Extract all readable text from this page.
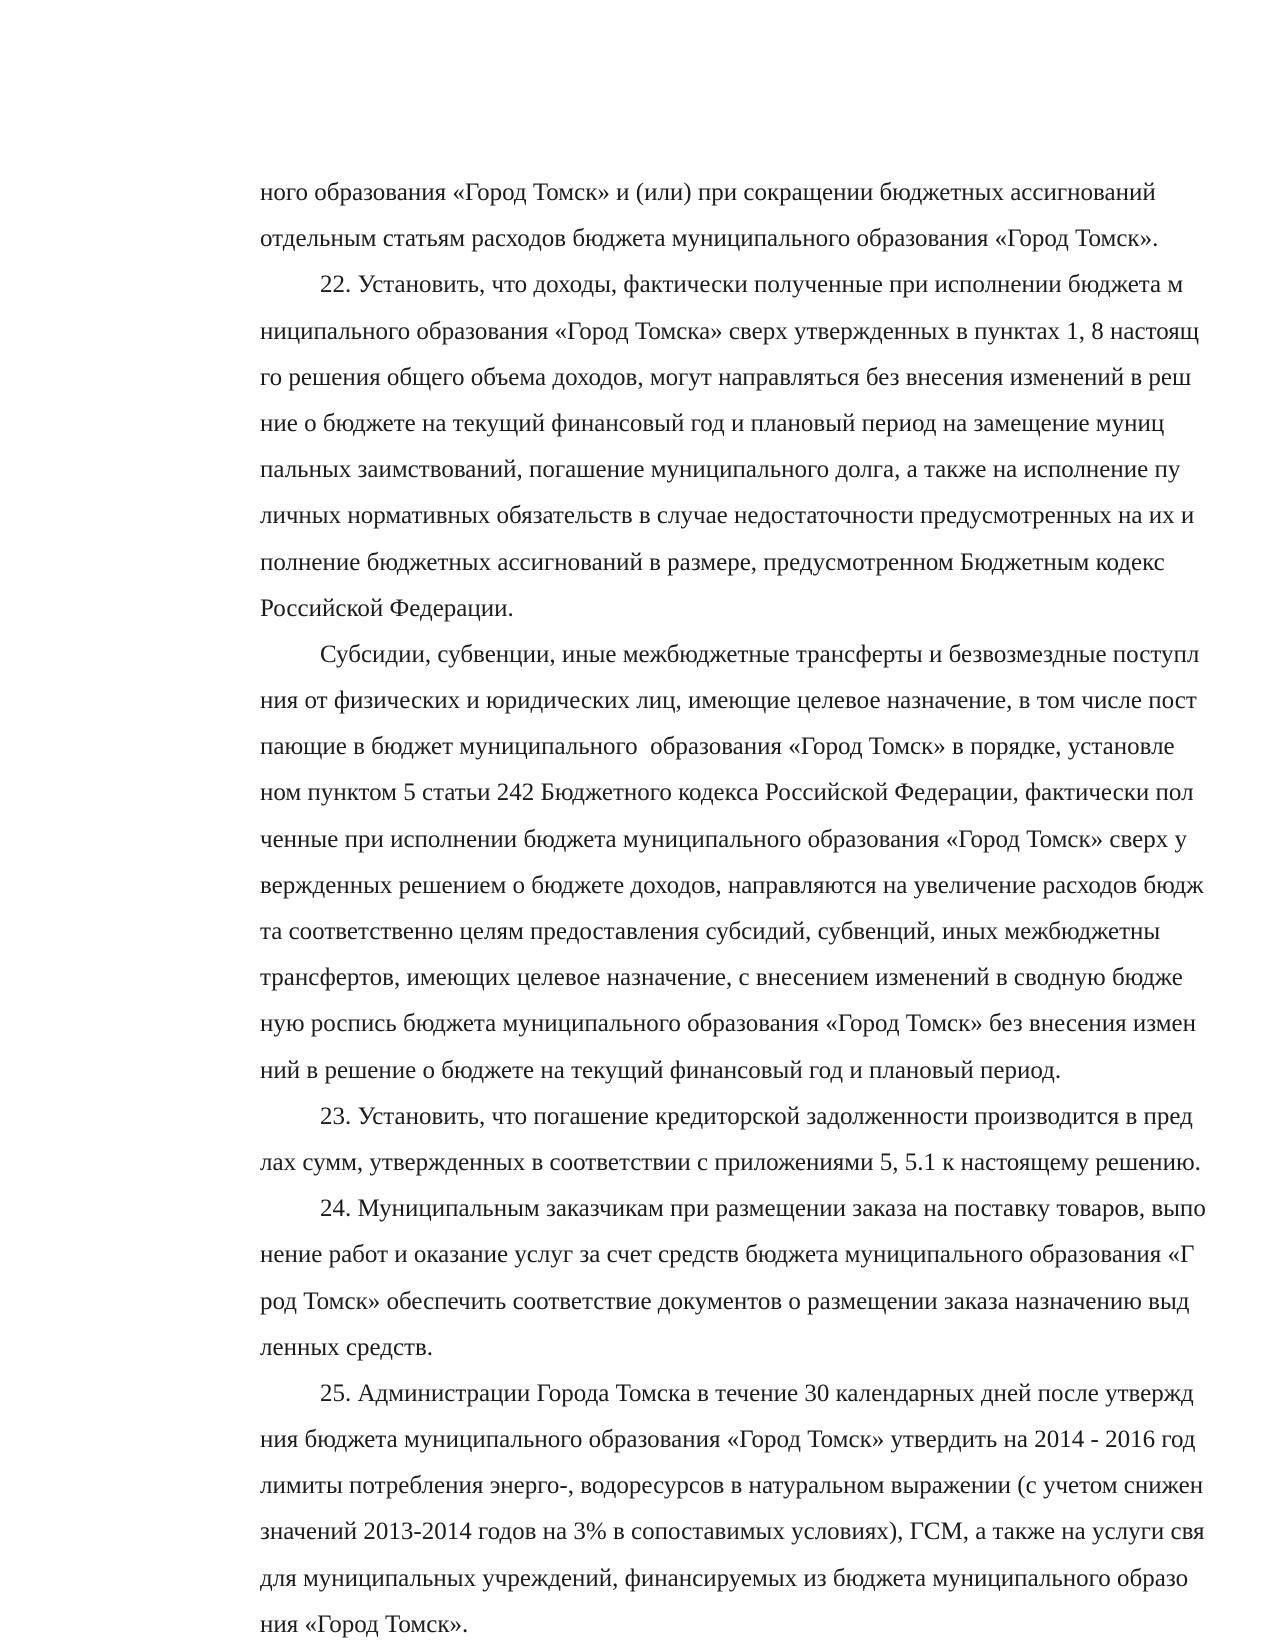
ного образования «Город Томск» и (или) при сокращении бюджетных ассигнований
отдельным статьям расходов бюджета муниципального образования «Город Томск».
22. Установить, что доходы, фактически полученные при исполнении бюджета м
ниципального образования «Город Томска» сверх утвержденных в пунктах 1, 8 настоящ
го решения общего объема доходов, могут направляться без внесения изменений в реш
ние о бюджете на текущий финансовый год и плановый период на замещение муниц
пальных заимствований, погашение муниципального долга, а также на исполнение пу
личных нормативных обязательств в случае недостаточности предусмотренных на их и
полнение бюджетных ассигнований в размере, предусмотренном Бюджетным кодекс
Российской Федерации.
Субсидии, субвенции, иные межбюджетные трансферты и безвозмездные поступл
ния от физических и юридических лиц, имеющие целевое назначение, в том числе пост
пающие в бюджет муниципального  образования «Город Томск» в порядке, установле
ном пунктом 5 статьи 242 Бюджетного кодекса Российской Федерации, фактически пол
ченные при исполнении бюджета муниципального образования «Город Томск» сверх у
вержденных решением о бюджете доходов, направляются на увеличение расходов бюдж
та соответственно целям предоставления субсидий, субвенций, иных межбюджетны
трансфертов, имеющих целевое назначение, с внесением изменений в сводную бюдже
ную роспись бюджета муниципального образования «Город Томск» без внесения измен
ний в решение о бюджете на текущий финансовый год и плановый период.
23. Установить, что погашение кредиторской задолженности производится в пред
лах сумм, утвержденных в соответствии с приложениями 5, 5.1 к настоящему решению.
24. Муниципальным заказчикам при размещении заказа на поставку товаров, выпо
нение работ и оказание услуг за счет средств бюджета муниципального образования «Г
род Томск» обеспечить соответствие документов о размещении заказа назначению выд
ленных средств.
25. Администрации Города Томска в течение 30 календарных дней после утвержд
ния бюджета муниципального образования «Город Томск» утвердить на 2014 - 2016 год
лимиты потребления энерго-, водоресурсов в натуральном выражении (с учетом снижен
значений 2013-2014 годов на 3% в сопоставимых условиях), ГСМ, а также на услуги свя
для муниципальных учреждений, финансируемых из бюджета муниципального образо
ния «Город Томск».
